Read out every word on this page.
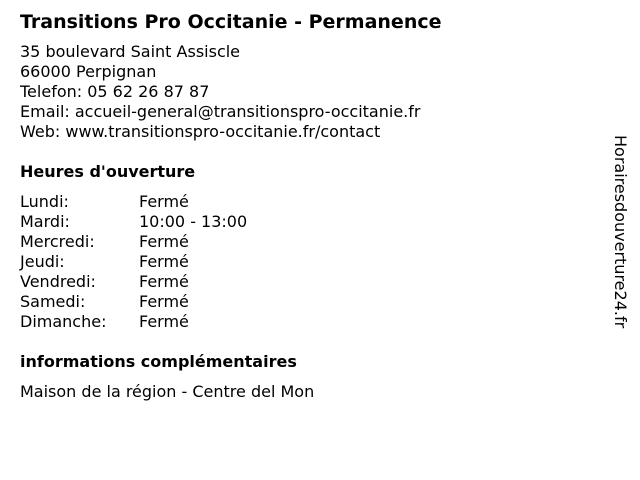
Transitions Pro Occitanie - Permanence
35 boulevard Saint Assiscle
66000 Perpignan
Telefon: 05 62 26 87 87
Email: accueil-general@transitionspro-occitanie.fr
Web: www.transitionspro-occitanie.fr/contact
Heures d'ouverture
Lundi:	Fermé
Mardi:	10:00 - 13:00
Mercredi:	Fermé
Jeudi:	Fermé
Vendredi:	Fermé
Samedi:	Fermé
Dimanche:	Fermé
informations complémentaires
Maison de la région - Centre del Mon
Horairesdouverture24.fr
